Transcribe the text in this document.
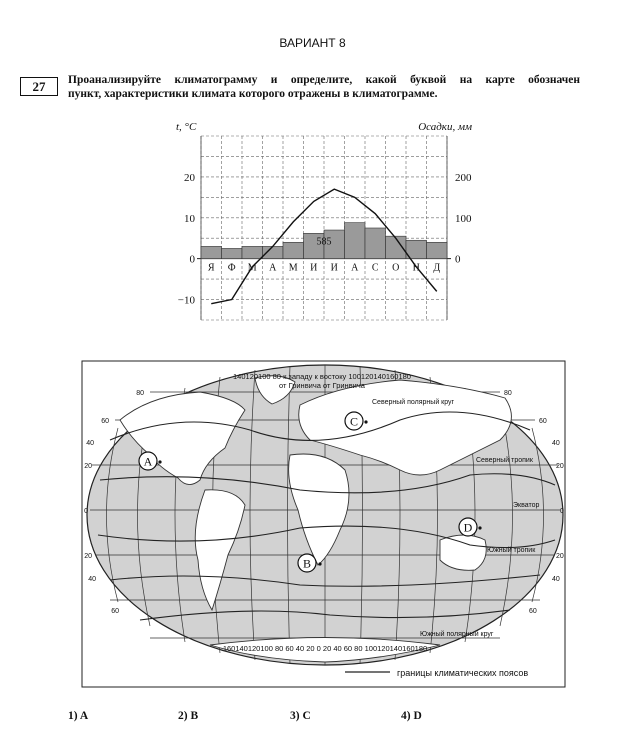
ВАРИАНТ 8
27	Проанализируйте климатограмму и определите, какой буквой на карте обозначен
пункт, характеристики климата которого отражены в климатограмме.
Я Ф М А М И И А С О Н Д
585
20
10
0
−10
200
100
0
t, °C	Осадки, мм
140120100 80 к западу к востоку 100120140160180
от Гринвича от Гринвича
160140120100 80 60 40 20 0 20 40 60 80 100120140160180
80
60
40
20
0
20
40
60
80
60
40
20
0
20
40
60
Северный полярный круг
Северный тропик
Экватор
Южный тропик
Южный полярный круг
границы климатических поясов
A
B
C
D
1) A	2) B	3) C	4) D
